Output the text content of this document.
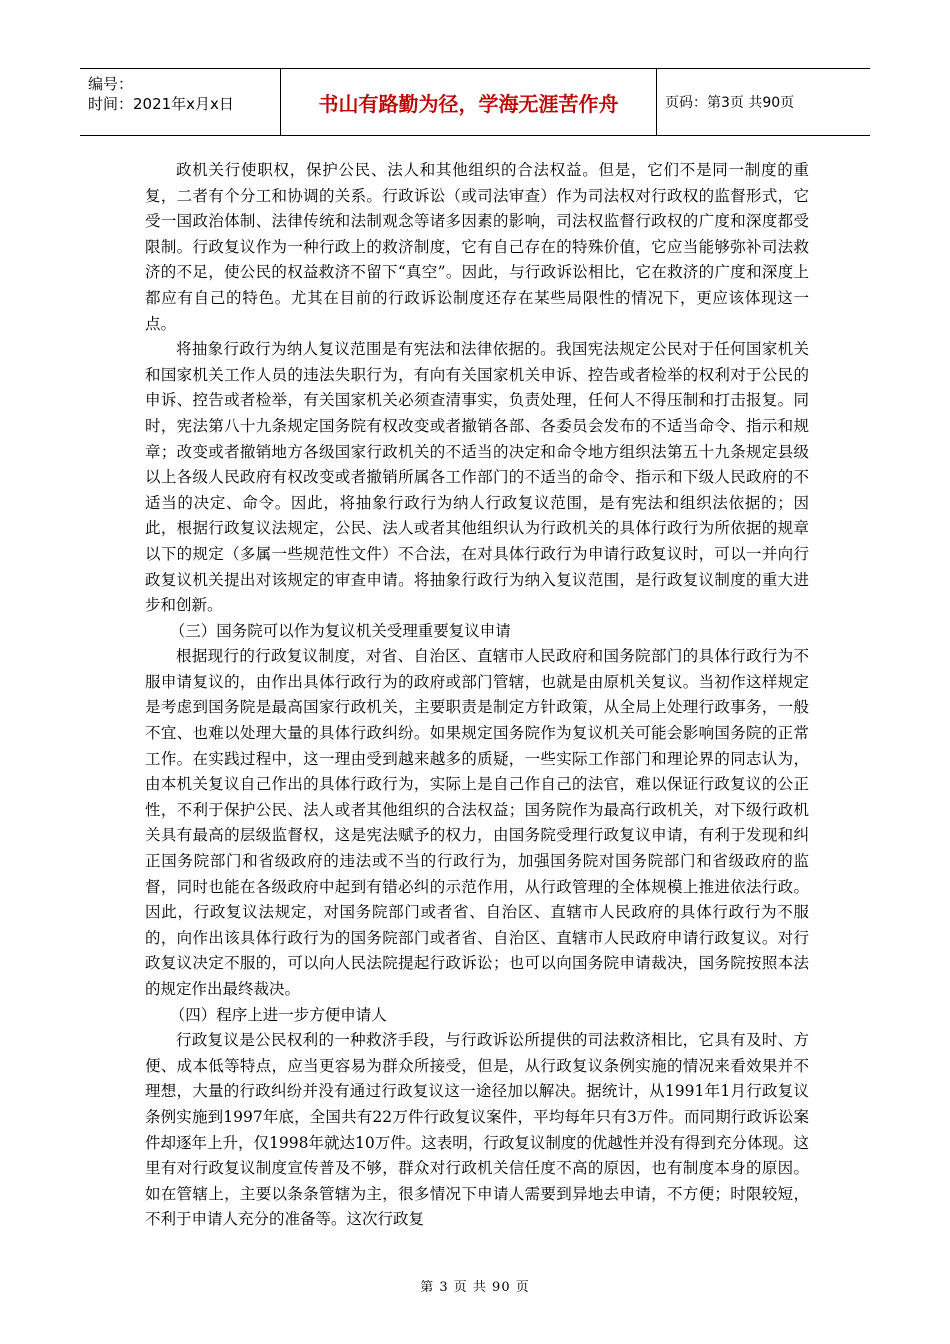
编号：
时间：2021年x月x日	书山有路勤为径，学海无涯苦作舟	页码：第3页 共90页

政机关行使职权，保护公民、法人和其他组织的合法权益。但是，它们不是同一制度的重复，二者有个分工和协调的关系。行政诉讼（或司法审查）作为司法权对行政权的监督形式，它受一国政治体制、法律传统和法制观念等诸多因素的影响，司法权监督行政权的广度和深度都受限制。行政复议作为一种行政上的救济制度，它有自己存在的特殊价值，它应当能够弥补司法救济的不足，使公民的权益救济不留下“真空”。因此，与行政诉讼相比，它在救济的广度和深度上都应有自己的特色。尤其在目前的行政诉讼制度还存在某些局限性的情况下，更应该体现这一点。

将抽象行政行为纳人复议范围是有宪法和法律依据的。我国宪法规定公民对于任何国家机关和国家机关工作人员的违法失职行为，有向有关国家机关申诉、控告或者检举的权利对于公民的申诉、控告或者检举，有关国家机关必须查清事实，负责处理，任何人不得压制和打击报复。同时，宪法第八十九条规定国务院有权改变或者撤销各部、各委员会发布的不适当命令、指示和规章；改变或者撤销地方各级国家行政机关的不适当的决定和命令地方组织法第五十九条规定县级以上各级人民政府有权改变或者撤销所属各工作部门的不适当的命令、指示和下级人民政府的不适当的决定、命令。因此，将抽象行政行为纳人行政复议范围，是有宪法和组织法依据的；因此，根据行政复议法规定，公民、法人或者其他组织认为行政机关的具体行政行为所依据的规章以下的规定（多属一些规范性文件）不合法，在对具体行政行为申请行政复议时，可以一并向行政复议机关提出对该规定的审查申请。将抽象行政行为纳入复议范围，是行政复议制度的重大进步和创新。

（三）国务院可以作为复议机关受理重要复议申请

根据现行的行政复议制度，对省、自治区、直辖市人民政府和国务院部门的具体行政行为不服申请复议的，由作出具体行政行为的政府或部门管辖，也就是由原机关复议。当初作这样规定是考虑到国务院是最高国家行政机关，主要职责是制定方针政策，从全局上处理行政事务，一般不宜、也难以处理大量的具体行政纠纷。如果规定国务院作为复议机关可能会影响国务院的正常工作。在实践过程中，这一理由受到越来越多的质疑，一些实际工作部门和理论界的同志认为，由本机关复议自己作出的具体行政行为，实际上是自己作自己的法官，难以保证行政复议的公正性，不利于保护公民、法人或者其他组织的合法权益；国务院作为最高行政机关，对下级行政机关具有最高的层级监督权，这是宪法赋予的权力，由国务院受理行政复议申请，有利于发现和纠正国务院部门和省级政府的违法或不当的行政行为，加强国务院对国务院部门和省级政府的监督，同时也能在各级政府中起到有错必纠的示范作用，从行政管理的全体规模上推进依法行政。因此，行政复议法规定，对国务院部门或者省、自治区、直辖市人民政府的具体行政行为不服的，向作出该具体行政行为的国务院部门或者省、自治区、直辖市人民政府申请行政复议。对行政复议决定不服的，可以向人民法院提起行政诉讼；也可以向国务院申请裁决，国务院按照本法的规定作出最终裁决。

（四）程序上进一步方便申请人

行政复议是公民权利的一种救济手段，与行政诉讼所提供的司法救济相比，它具有及时、方便、成本低等特点，应当更容易为群众所接受，但是，从行政复议条例实施的情况来看效果并不理想，大量的行政纠纷并没有通过行政复议这一途径加以解决。据统计，从1991年1月行政复议条例实施到1997年底，全国共有22万件行政复议案件，平均每年只有3万件。而同期行政诉讼案件却逐年上升，仅1998年就达10万件。这表明，行政复议制度的优越性并没有得到充分体现。这里有对行政复议制度宣传普及不够，群众对行政机关信任度不高的原因，也有制度本身的原因。如在管辖上，主要以条条管辖为主，很多情况下申请人需要到异地去申请，不方便；时限较短，不利于申请人充分的准备等。这次行政复

第 3 页 共 90 页
